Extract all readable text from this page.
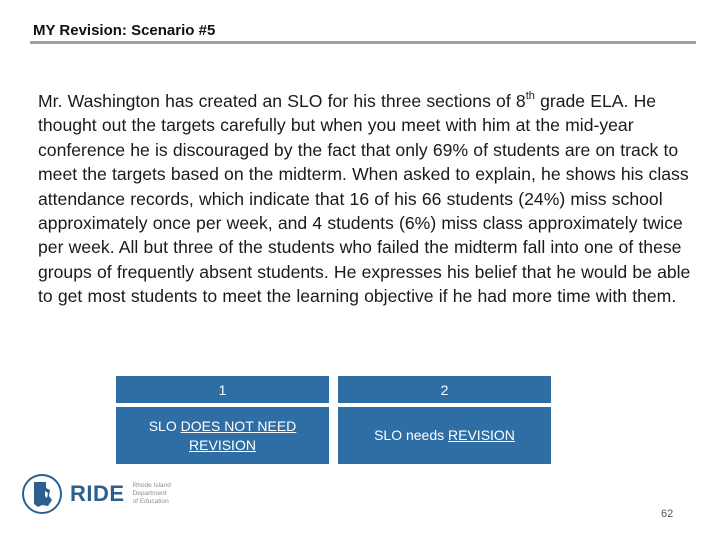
MY Revision: Scenario #5
Mr. Washington has created an SLO for his three sections of 8th grade ELA. He thought out the targets carefully but when you meet with him at the mid-year conference he is discouraged by the fact that only 69% of students are on track to meet the targets based on the midterm. When asked to explain, he shows his class attendance records, which indicate that 16 of his 66 students (24%) miss school approximately once per week, and 4 students (6%) miss class approximately twice per week. All but three of the students who failed the midterm fall into one of these groups of frequently absent students. He expresses his belief that he would be able to get most students to meet the learning objective if he had more time with them.
1
SLO DOES NOT NEED REVISION
2
SLO needs REVISION
RIDE Rhode Island
Department
of Education
62
